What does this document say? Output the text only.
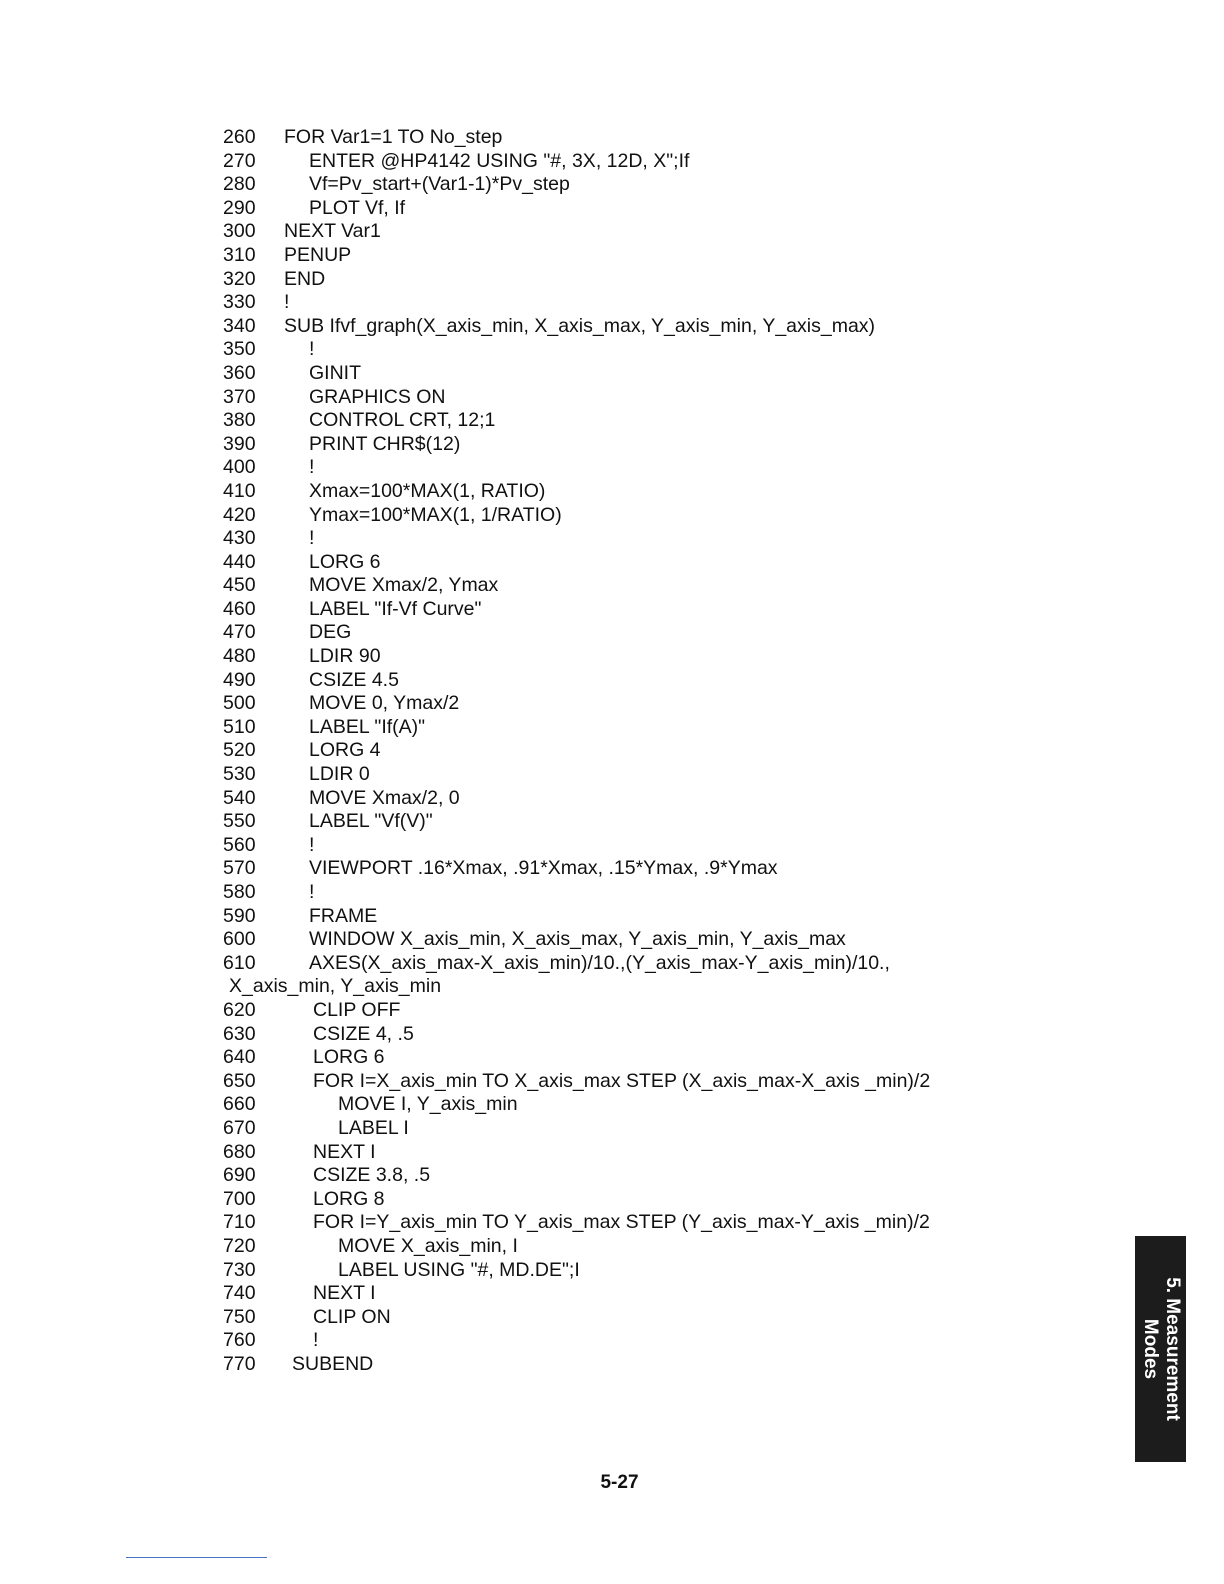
260 FOR Var1=1 TO No_step
270	ENTER @HP4142 USING "#, 3X, 12D, X";If
280	Vf=Pv_start+(Var1-1)*Pv_step
290	PLOT Vf, If
300 NEXT Var1
310 PENUP
320 END
330 !
340 SUB Ifvf_graph(X_axis_min, X_axis_max, Y_axis_min, Y_axis_max)
350	!
360	GINIT
370	GRAPHICS ON
380	CONTROL CRT, 12;1
390	PRINT CHR$(12)
400	!
410	Xmax=100*MAX(1, RATIO)
420	Ymax=100*MAX(1, 1/RATIO)
430	!
440	LORG 6
450	MOVE Xmax/2, Ymax
460	LABEL "If-Vf Curve"
470	DEG
480	LDIR 90
490	CSIZE 4.5
500	MOVE 0, Ymax/2
510	LABEL "If(A)"
520	LORG 4
530	LDIR 0
540	MOVE Xmax/2, 0
550	LABEL "Vf(V)"
560	!
570	VIEWPORT .16*Xmax, .91*Xmax, .15*Ymax, .9*Ymax
580	!
590	FRAME
600	WINDOW X_axis_min, X_axis_max, Y_axis_min, Y_axis_max
610	AXES(X_axis_max-X_axis_min)/10.,(Y_axis_max-Y_axis_min)/10.,
X_axis_min, Y_axis_min
620	CLIP OFF
630	CSIZE 4, .5
640	LORG 6
650	FOR I=X_axis_min TO X_axis_max STEP (X_axis_max-X_axis _min)/2
660	MOVE I, Y_axis_min
670	LABEL I
680	NEXT I
690	CSIZE 3.8, .5
700	LORG 8
710	FOR I=Y_axis_min TO Y_axis_max STEP (Y_axis_max-Y_axis _min)/2
720	MOVE X_axis_min, I
730	LABEL USING "#, MD.DE";I
740	NEXT I
750	CLIP ON
760	!
770 SUBEND
5-27
5. Measurement
Modes
